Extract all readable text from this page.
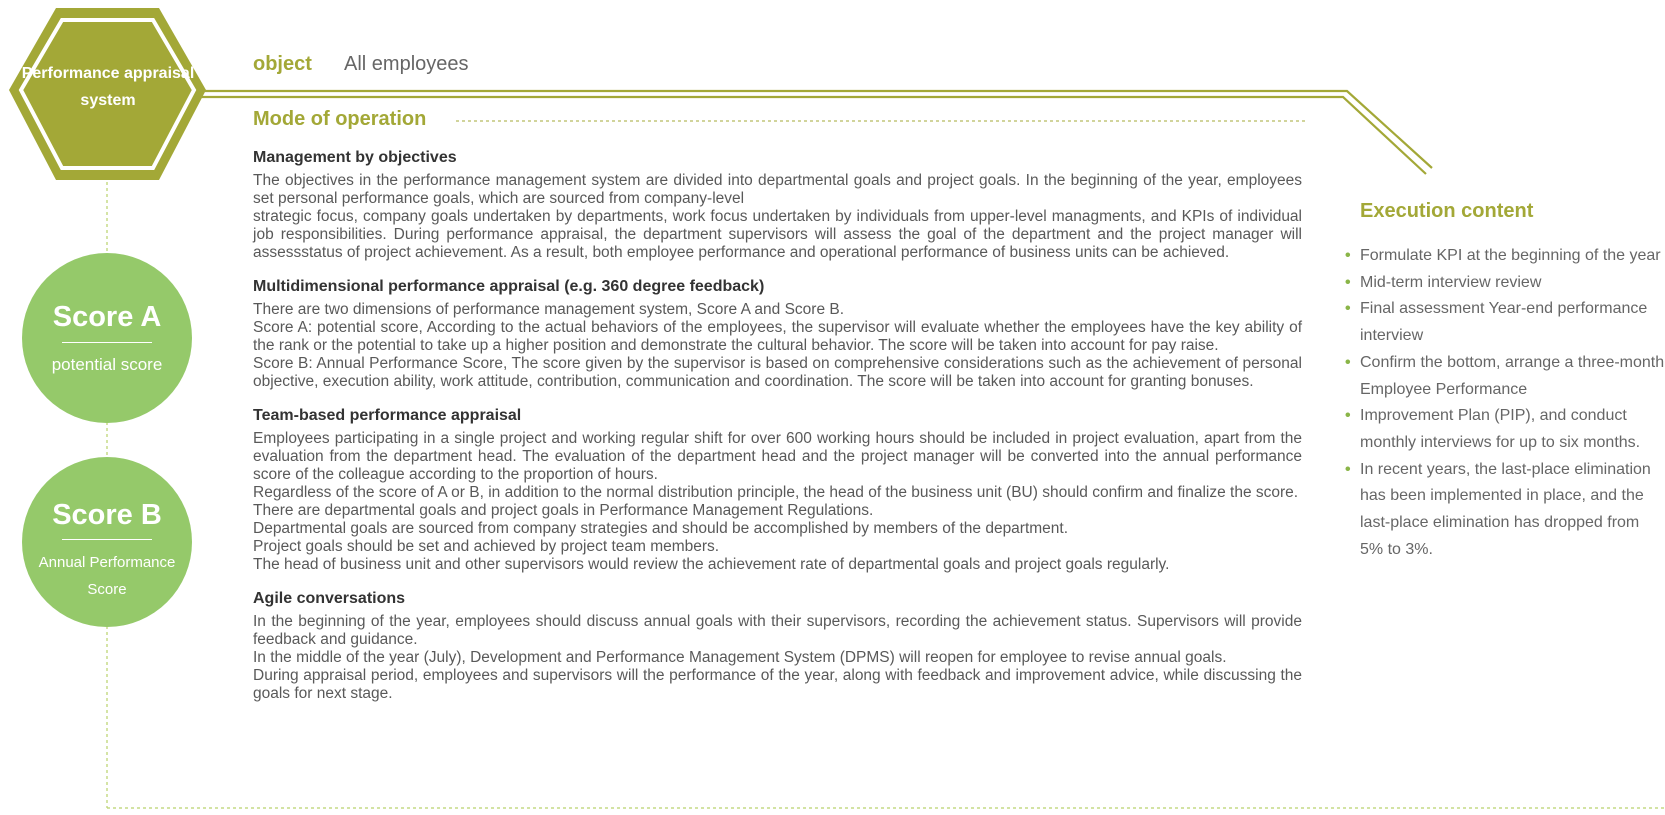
Performance appraisal system
object All employees
Mode of operation
Score A
potential score
Score B
Annual Performance Score
Management by objectives

The objectives in the performance management system are divided into departmental goals and project goals. In the beginning of the year, employees set personal performance goals, which are sourced from company-level

strategic focus, company goals undertaken by departments, work focus undertaken by individuals from upper-level managments, and KPIs of individual job responsibilities. During performance appraisal, the department supervisors will assess the goal of the department and the project manager will assessstatus of project achievement. As a result, both employee performance and operational performance of business units can be achieved.

Multidimensional performance appraisal (e.g. 360 degree feedback)

There are two dimensions of performance management system, Score A and Score B.

Score A: potential score, According to the actual behaviors of the employees, the supervisor will evaluate whether the employees have the key ability of the rank or the potential to take up a higher position and demonstrate the cultural behavior. The score will be taken into account for pay raise.

Score B: Annual Performance Score, The score given by the supervisor is based on comprehensive considerations such as the achievement of personal objective, execution ability, work attitude, contribution, communication and coordination. The score will be taken into account for granting bonuses.

Team-based performance appraisal

Employees participating in a single project and working regular shift for over 600 working hours should be included in project evaluation, apart from the evaluation from the department head. The evaluation of the department head and the project manager will be converted into the annual performance score of the colleague according to the proportion of hours.

Regardless of the score of A or B, in addition to the normal distribution principle, the head of the business unit (BU) should confirm and finalize the score.

There are departmental goals and project goals in Performance Management Regulations.

Departmental goals are sourced from company strategies and should be accomplished by members of the department.

Project goals should be set and achieved by project team members.

The head of business unit and other supervisors would review the achievement rate of departmental goals and project goals regularly.

Agile conversations

In the beginning of the year, employees should discuss annual goals with their supervisors, recording the achievement status. Supervisors will provide feedback and guidance.

In the middle of the year (July), Development and Performance Management System (DPMS) will reopen for employee to revise annual goals.

During appraisal period, employees and supervisors will the performance of the year, along with feedback and improvement advice, while discussing the goals for next stage.

Execution content
• Formulate KPI at the beginning of the year
• Mid-term interview review
• Final assessment Year-end performance interview
• Confirm the bottom, arrange a three-month Employee Performance
• Improvement Plan (PIP), and conduct monthly interviews for up to six months.
• In recent years, the last-place elimination has been implemented in place, and the last-place elimination has dropped from 5% to 3%.
